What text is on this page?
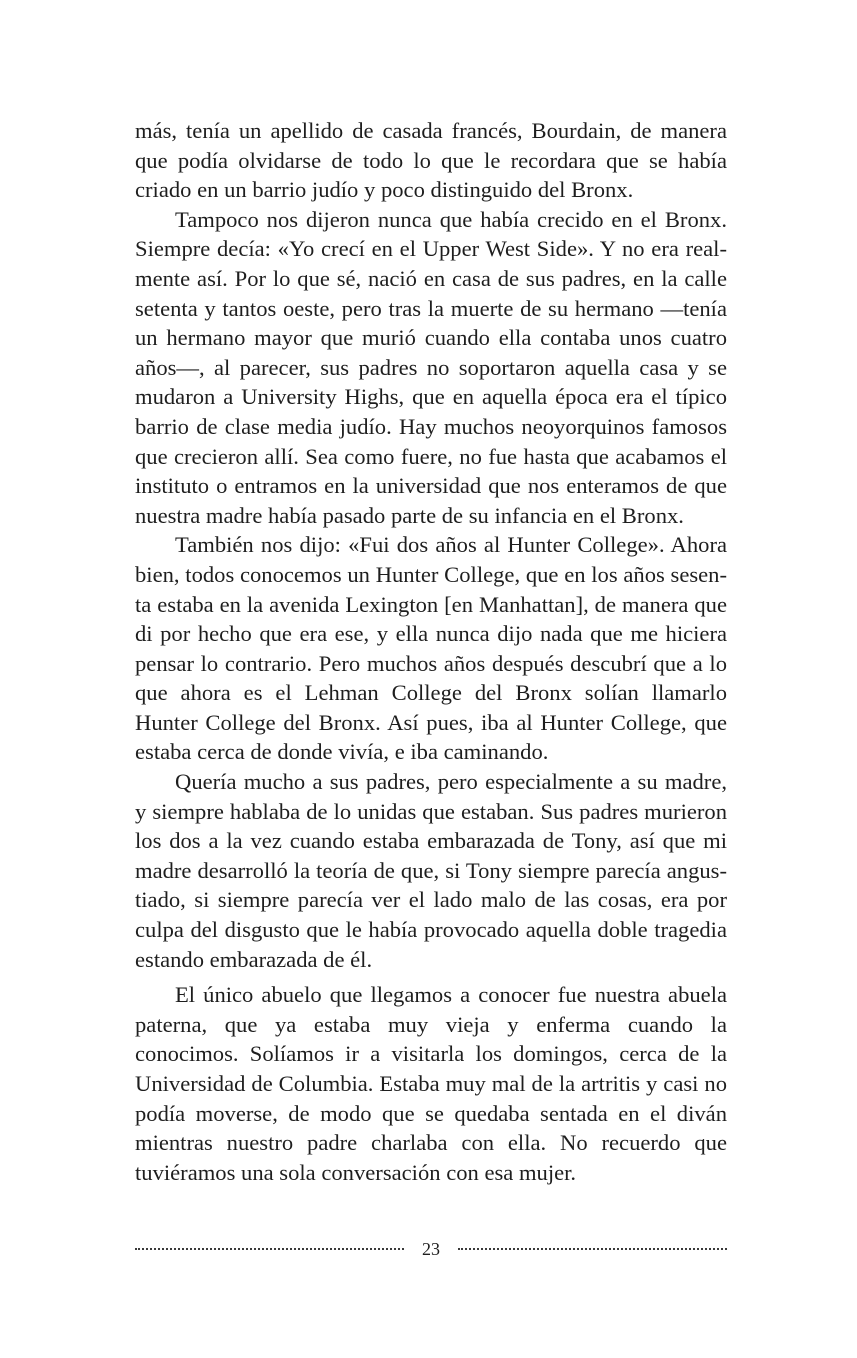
más, tenía un apellido de casada francés, Bourdain, de manera que podía olvidarse de todo lo que le recordara que se había criado en un barrio judío y poco distinguido del Bronx.

Tampoco nos dijeron nunca que había crecido en el Bronx. Siempre decía: «Yo crecí en el Upper West Side». Y no era realmente así. Por lo que sé, nació en casa de sus padres, en la calle setenta y tantos oeste, pero tras la muerte de su hermano —tenía un hermano mayor que murió cuando ella contaba unos cuatro años—, al parecer, sus padres no soportaron aquella casa y se mudaron a University Highs, que en aquella época era el típico barrio de clase media judío. Hay muchos neoyorquinos famosos que crecieron allí. Sea como fuere, no fue hasta que acabamos el instituto o entramos en la universidad que nos enteramos de que nuestra madre había pasado parte de su infancia en el Bronx.

También nos dijo: «Fui dos años al Hunter College». Ahora bien, todos conocemos un Hunter College, que en los años sesenta estaba en la avenida Lexington [en Manhattan], de manera que di por hecho que era ese, y ella nunca dijo nada que me hiciera pensar lo contrario. Pero muchos años después descubrí que a lo que ahora es el Lehman College del Bronx solían llamarlo Hunter College del Bronx. Así pues, iba al Hunter College, que estaba cerca de donde vivía, e iba caminando.

Quería mucho a sus padres, pero especialmente a su madre, y siempre hablaba de lo unidas que estaban. Sus padres murieron los dos a la vez cuando estaba embarazada de Tony, así que mi madre desarrolló la teoría de que, si Tony siempre parecía angustiado, si siempre parecía ver el lado malo de las cosas, era por culpa del disgusto que le había provocado aquella doble tragedia estando embarazada de él.

El único abuelo que llegamos a conocer fue nuestra abuela paterna, que ya estaba muy vieja y enferma cuando la conocimos. Solíamos ir a visitarla los domingos, cerca de la Universidad de Columbia. Estaba muy mal de la artritis y casi no podía moverse, de modo que se quedaba sentada en el diván mientras nuestro padre charlaba con ella. No recuerdo que tuviéramos una sola conversación con esa mujer.

23
